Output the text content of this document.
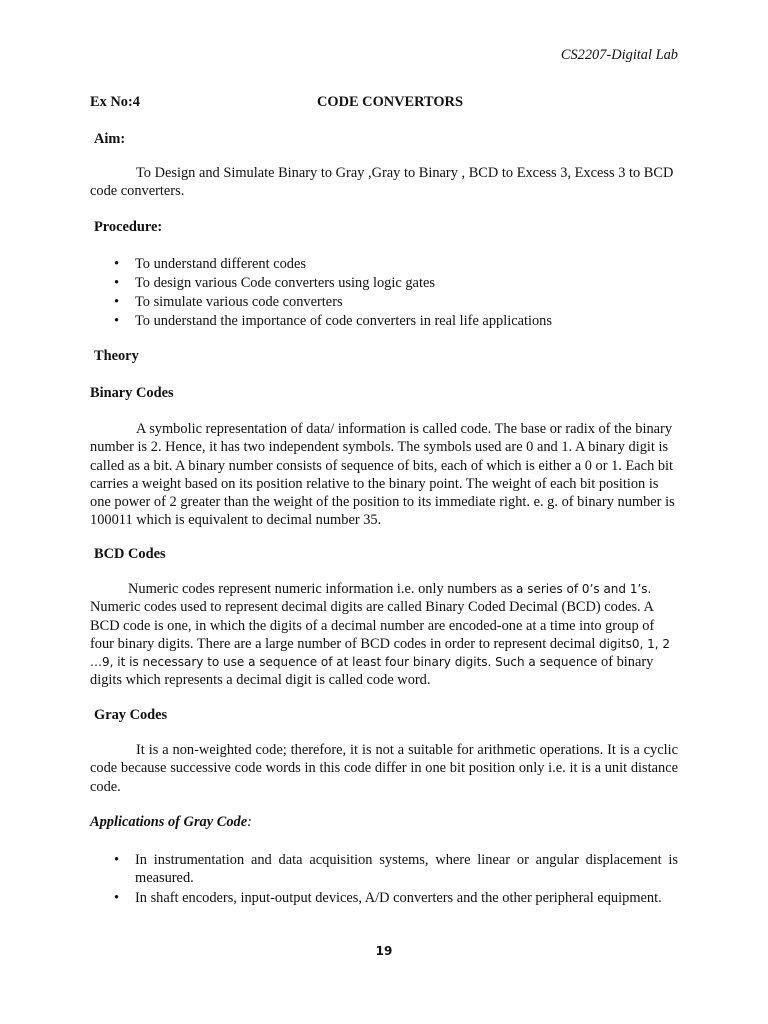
CS2207-Digital Lab
Ex No:4	CODE CONVERTORS
Aim:
To Design and Simulate Binary to Gray ,Gray to Binary , BCD to Excess 3, Excess 3 to BCD code converters.
Procedure:
• To understand different codes
• To design various Code converters using logic gates
• To simulate various code converters
• To understand the importance of code converters in real life applications
Theory
Binary Codes
A symbolic representation of data/ information is called code. The base or radix of the binary number is 2. Hence, it has two independent symbols. The symbols used are 0 and 1. A binary digit is called as a bit. A binary number consists of sequence of bits, each of which is either a 0 or 1. Each bit carries a weight based on its position relative to the binary point. The weight of each bit position is one power of 2 greater than the weight of the position to its immediate right. e. g. of binary number is 100011 which is equivalent to decimal number 35.
BCD Codes
Numeric codes represent numeric information i.e. only numbers as a series of 0’s and 1’s. Numeric codes used to represent decimal digits are called Binary Coded Decimal (BCD) codes. A BCD code is one, in which the digits of a decimal number are encoded-one at a time into group of four binary digits. There are a large number of BCD codes in order to represent decimal digits0, 1, 2 …9, it is necessary to use a sequence of at least four binary digits. Such a sequence of binary digits which represents a decimal digit is called code word.
Gray Codes
It is a non-weighted code; therefore, it is not a suitable for arithmetic operations. It is a cyclic code because successive code words in this code differ in one bit position only i.e. it is a unit distance code.
Applications of Gray Code:
• In instrumentation and data acquisition systems, where linear or angular displacement is measured.
• In shaft encoders, input-output devices, A/D converters and the other peripheral equipment.
19
